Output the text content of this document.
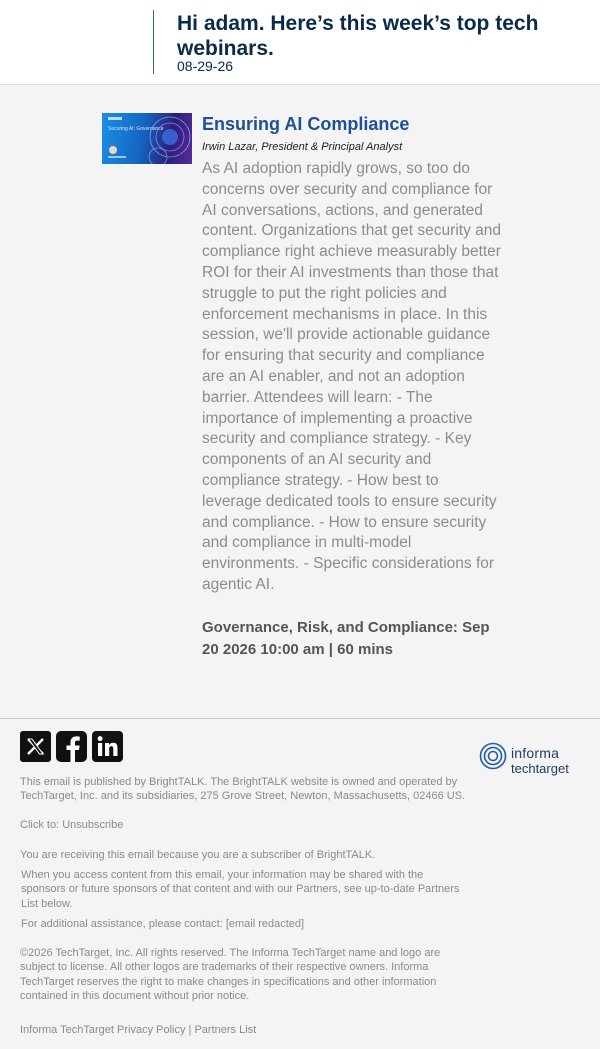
Hi adam. Here’s this week’s top tech webinars.
08-29-26
Securing AI: Governance Ensuring AI Compliance
Irwin Lazar, President & Principal Analyst
As AI adoption rapidly grows, so too do concerns over security and compliance for AI conversations, actions, and generated content. Organizations that get security and compliance right achieve measurably better ROI for their AI investments than those that struggle to put the right policies and enforcement mechanisms in place. In this session, we'll provide actionable guidance for ensuring that security and compliance are an AI enabler, and not an adoption barrier. Attendees will learn: - The importance of implementing a proactive security and compliance strategy. - Key components of an AI security and compliance strategy. - How best to leverage dedicated tools to ensure security and compliance. - How to ensure security and compliance in multi-model environments. - Specific considerations for agentic AI.
Governance, Risk, and Compliance: Sep 20 2026 10:00 am | 60 mins
informa
techtarget
This email is published by BrightTALK. The BrightTALK website is owned and operated by TechTarget, Inc. and its subsidiaries, 275 Grove Street, Newton, Massachusetts, 02466 US.
Click to: Unsubscribe
You are receiving this email because you are a subscriber of BrightTALK.
When you access content from this email, your information may be shared with the sponsors or future sponsors of that content and with our Partners, see up-to-date Partners List below.
For additional assistance, please contact: [email redacted]
©2026 TechTarget, Inc. All rights reserved. The Informa TechTarget name and logo are subject to license. All other logos are trademarks of their respective owners. Informa TechTarget reserves the right to make changes in specifications and other information contained in this document without prior notice.
Informa TechTarget Privacy Policy | Partners List
